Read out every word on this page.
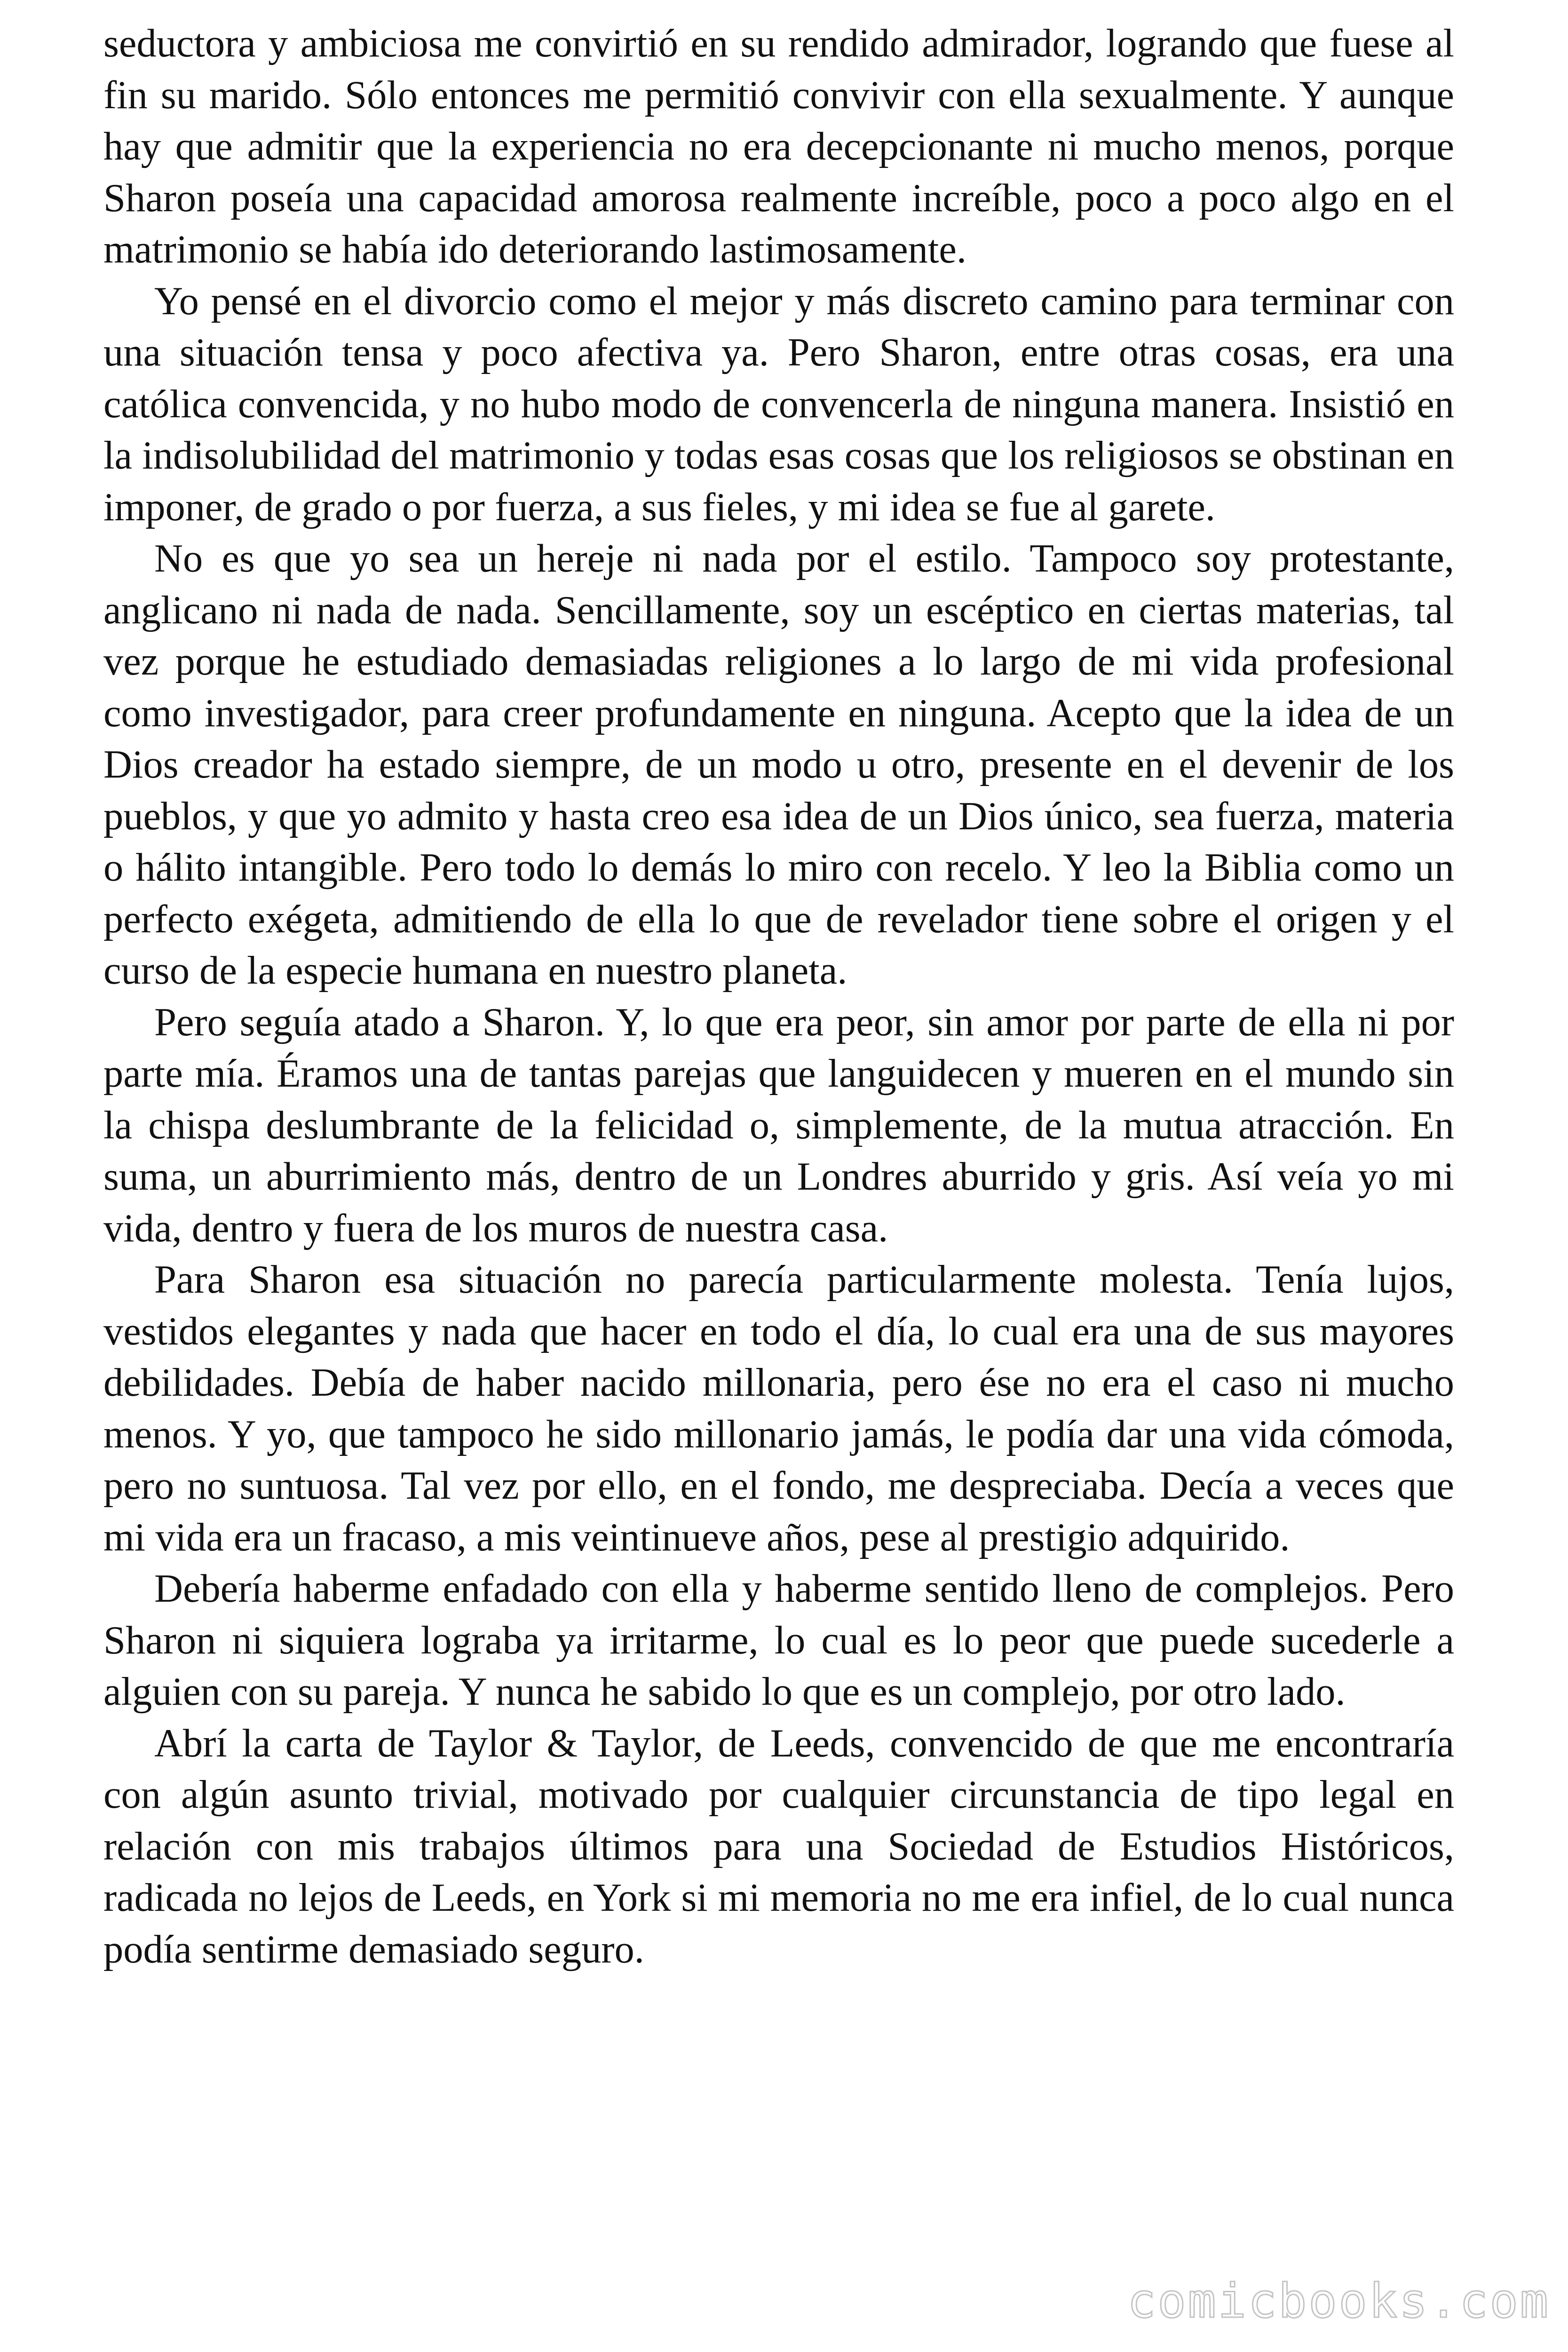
seductora y ambiciosa me convirtió en su rendido admirador, logrando que fuese al fin su marido. Sólo entonces me permitió convivir con ella sexualmente. Y aunque hay que admitir que la experiencia no era decepcionante ni mucho menos, porque Sharon poseía una capacidad amorosa realmente increíble, poco a poco algo en el matrimonio se había ido deteriorando lastimosamente.

Yo pensé en el divorcio como el mejor y más discreto camino para terminar con una situación tensa y poco afectiva ya. Pero Sharon, entre otras cosas, era una católica convencida, y no hubo modo de convencerla de ninguna manera. Insistió en la indisolubilidad del matrimonio y todas esas cosas que los religiosos se obstinan en imponer, de grado o por fuerza, a sus fieles, y mi idea se fue al garete.

No es que yo sea un hereje ni nada por el estilo. Tampoco soy protestante, anglicano ni nada de nada. Sencillamente, soy un escéptico en ciertas materias, tal vez porque he estudiado demasiadas religiones a lo largo de mi vida profesional como investigador, para creer profundamente en ninguna. Acepto que la idea de un Dios creador ha estado siempre, de un modo u otro, presente en el devenir de los pueblos, y que yo admito y hasta creo esa idea de un Dios único, sea fuerza, materia o hálito intangible. Pero todo lo demás lo miro con recelo. Y leo la Biblia como un perfecto exégeta, admitiendo de ella lo que de revelador tiene sobre el origen y el curso de la especie humana en nuestro planeta.

Pero seguía atado a Sharon. Y, lo que era peor, sin amor por parte de ella ni por parte mía. Éramos una de tantas parejas que languidecen y mueren en el mundo sin la chispa deslumbrante de la felicidad o, simplemente, de la mutua atracción. En suma, un aburrimiento más, dentro de un Londres aburrido y gris. Así veía yo mi vida, dentro y fuera de los muros de nuestra casa.

Para Sharon esa situación no parecía particularmente molesta. Tenía lujos, vestidos elegantes y nada que hacer en todo el día, lo cual era una de sus mayores debilidades. Debía de haber nacido millonaria, pero ése no era el caso ni mucho menos. Y yo, que tampoco he sido millonario jamás, le podía dar una vida cómoda, pero no suntuosa. Tal vez por ello, en el fondo, me despreciaba. Decía a veces que mi vida era un fracaso, a mis veintinueve años, pese al prestigio adquirido.

Debería haberme enfadado con ella y haberme sentido lleno de complejos. Pero Sharon ni siquiera lograba ya irritarme, lo cual es lo peor que puede sucederle a alguien con su pareja. Y nunca he sabido lo que es un complejo, por otro lado.

Abrí la carta de Taylor & Taylor, de Leeds, convencido de que me encontraría con algún asunto trivial, motivado por cualquier circunstancia de tipo legal en relación con mis trabajos últimos para una Sociedad de Estudios Históricos, radicada no lejos de Leeds, en York si mi memoria no me era infiel, de lo cual nunca podía sentirme demasiado seguro.

comicbooks.com
